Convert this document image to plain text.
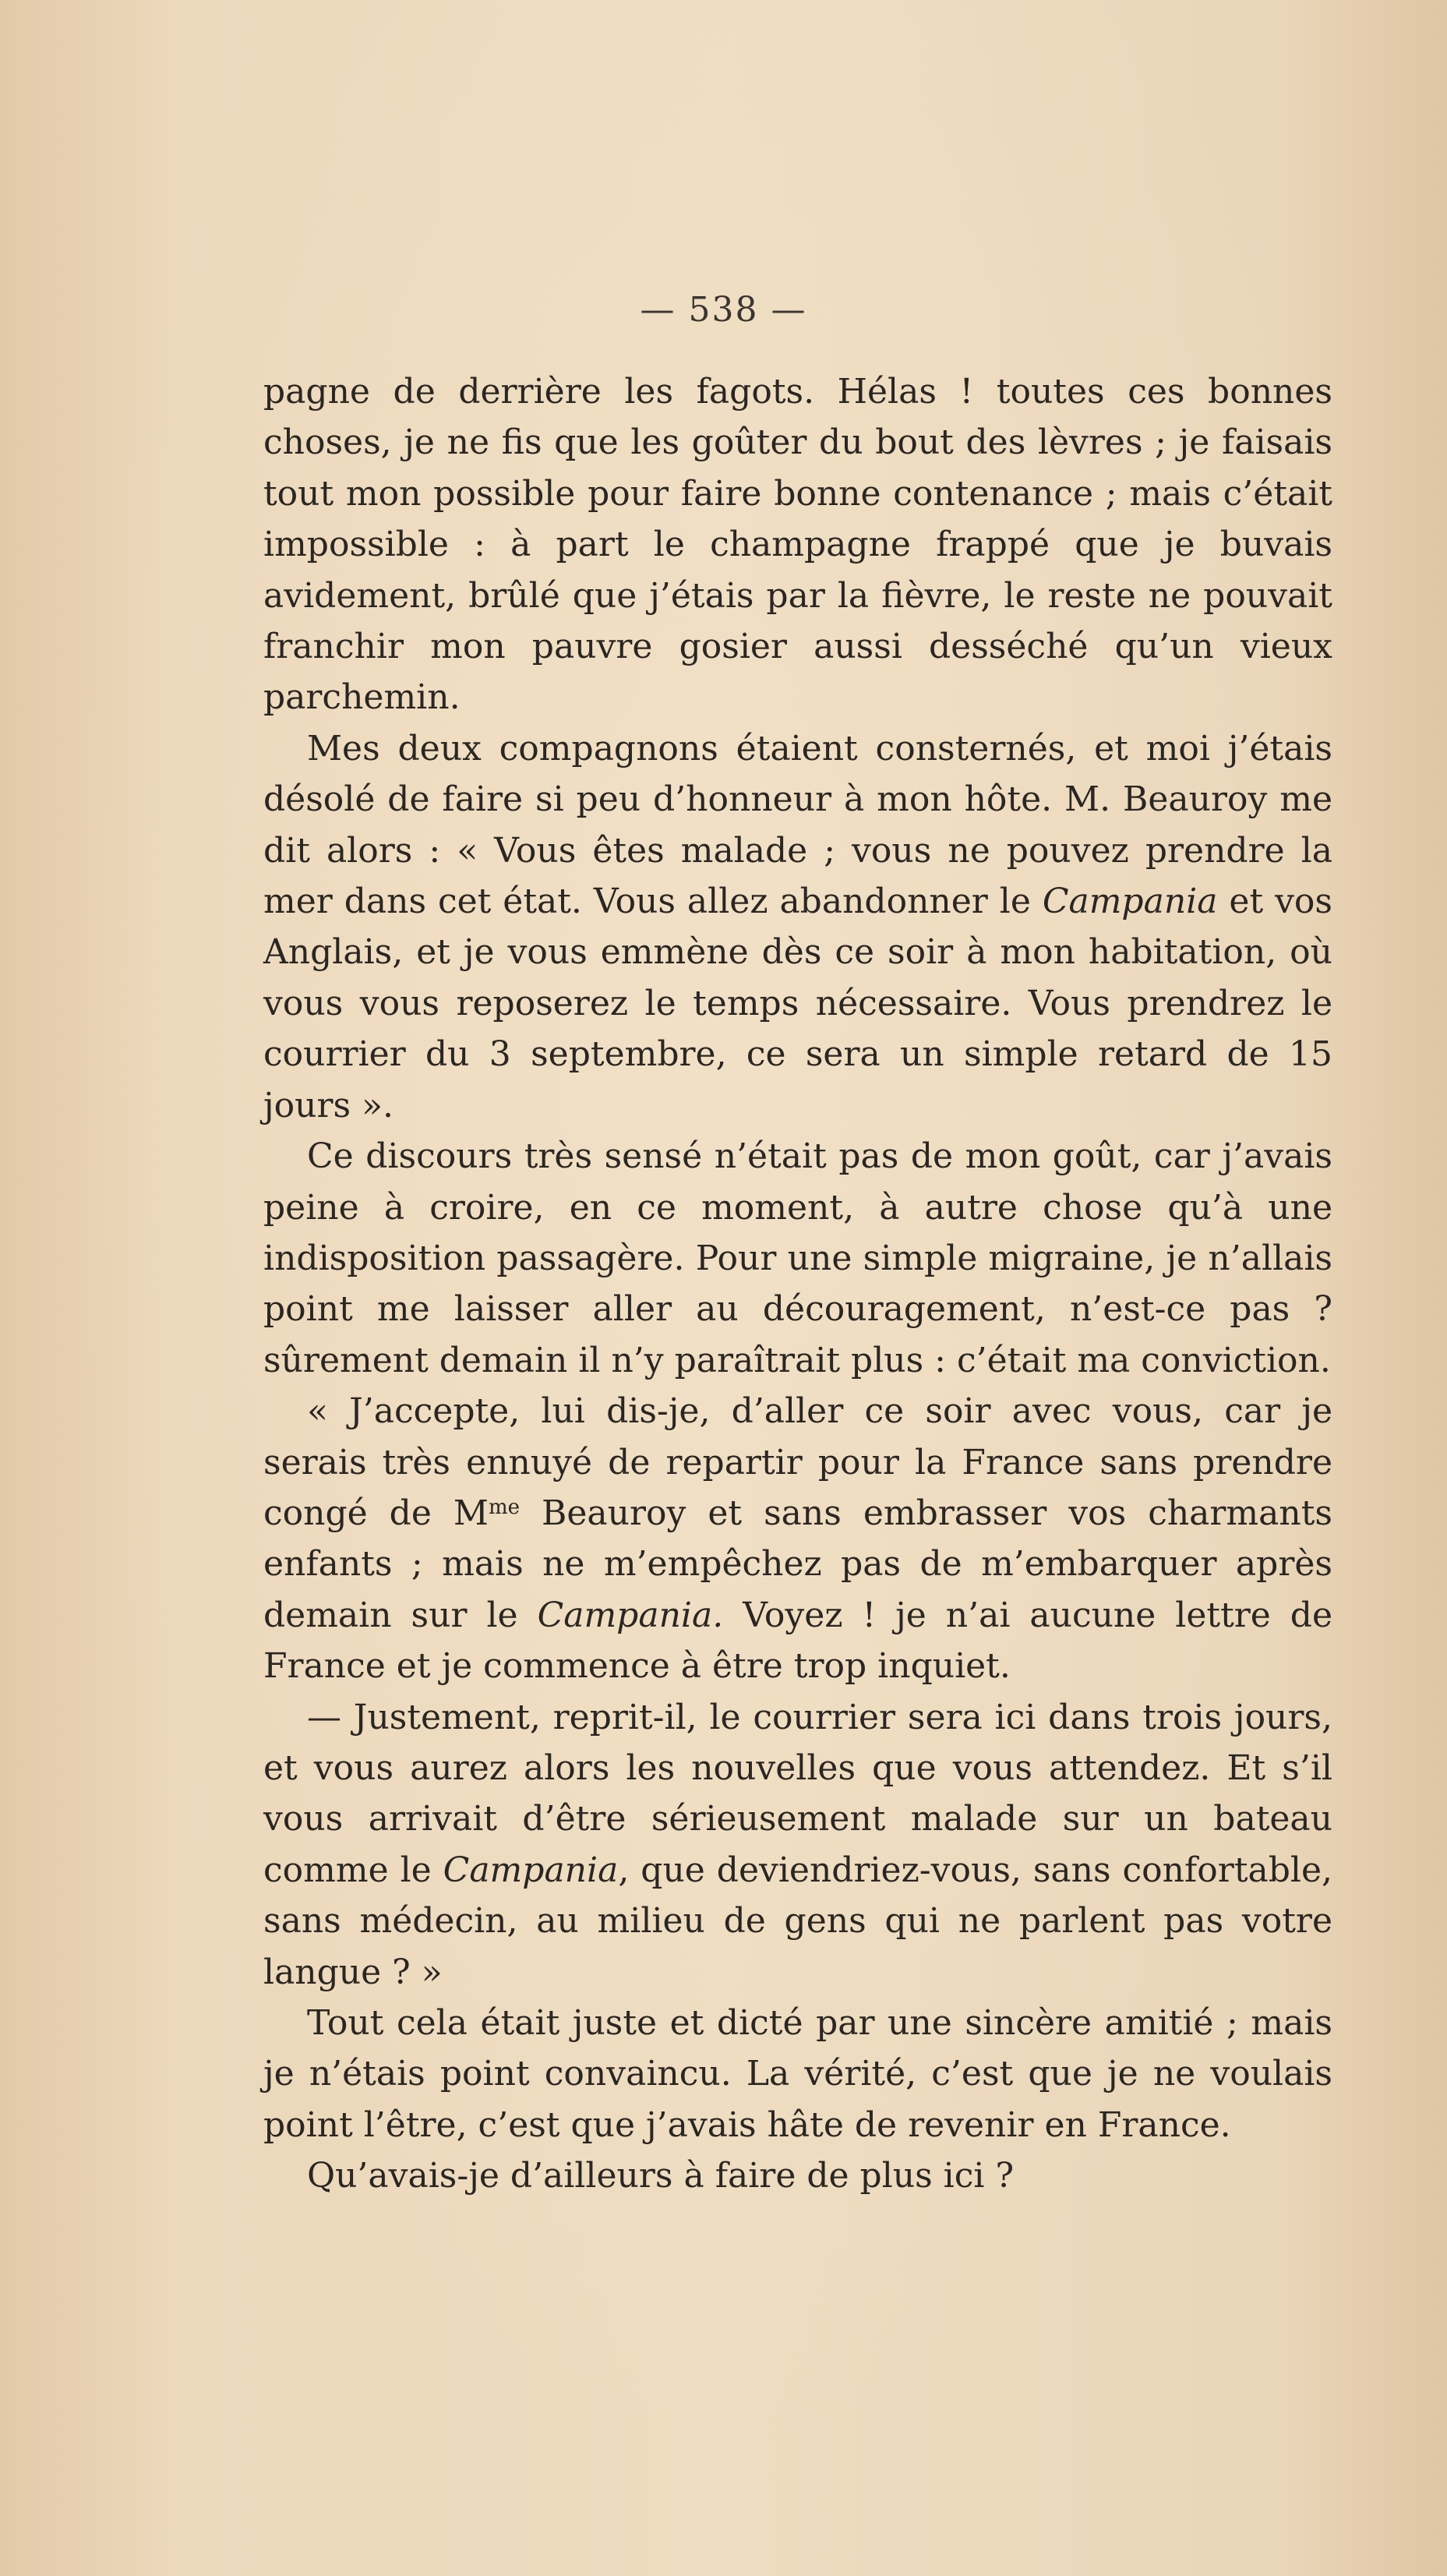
— 538 —

pagne de derrière les fagots. Hélas ! toutes ces bonnes choses, je ne fis que les goûter du bout des lèvres ; je faisais tout mon possible pour faire bonne contenance ; mais c’était impossible : à part le champagne frappé que je buvais avidement, brûlé que j’étais par la fièvre, le reste ne pouvait franchir mon pauvre gosier aussi desséché qu’un vieux parchemin.

Mes deux compagnons étaient consternés, et moi j’étais désolé de faire si peu d’honneur à mon hôte. M. Beauroy me dit alors : « Vous êtes malade ; vous ne pouvez prendre la mer dans cet état. Vous allez abandonner le Campania et vos Anglais, et je vous emmène dès ce soir à mon habitation, où vous vous reposerez le temps nécessaire. Vous prendrez le courrier du 3 septembre, ce sera un simple retard de 15 jours ».

Ce discours très sensé n’était pas de mon goût, car j’avais peine à croire, en ce moment, à autre chose qu’à une indisposition passagère. Pour une simple migraine, je n’allais point me laisser aller au découragement, n’est-ce pas ? sûrement demain il n’y paraîtrait plus : c’était ma conviction.

« J’accepte, lui dis-je, d’aller ce soir avec vous, car je serais très ennuyé de repartir pour la France sans prendre congé de $M^{me}$ Beauroy et sans embrasser vos charmants enfants ; mais ne m’empêchez pas de m’embarquer après demain sur le Campania. Voyez ! je n’ai aucune lettre de France et je commence à être trop inquiet.

— Justement, reprit-il, le courrier sera ici dans trois jours, et vous aurez alors les nouvelles que vous attendez. Et s’il vous arrivait d’être sérieusement malade sur un bateau comme le Campania, que deviendriez-vous, sans confortable, sans médecin, au milieu de gens qui ne parlent pas votre langue ? »

Tout cela était juste et dicté par une sincère amitié ; mais je n’étais point convaincu. La vérité, c’est que je ne voulais point l’être, c’est que j’avais hâte de revenir en France.

Qu’avais-je d’ailleurs à faire de plus ici ?
